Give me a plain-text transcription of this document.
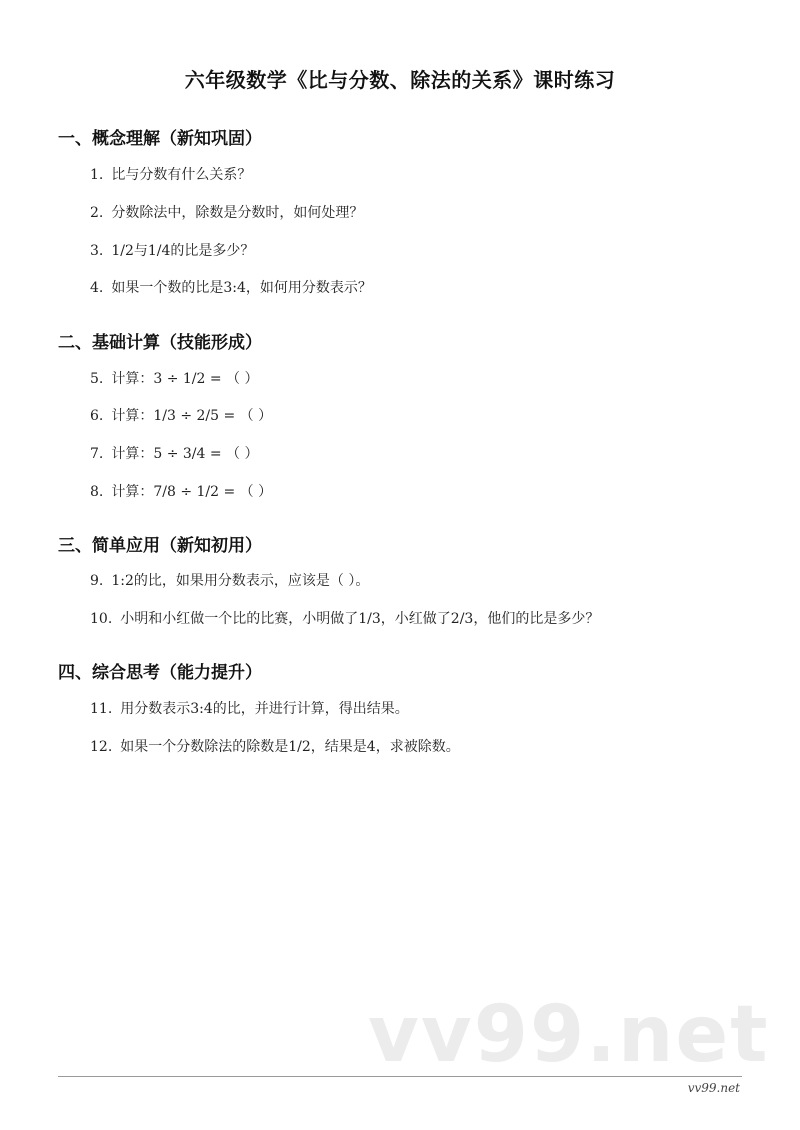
六年级数学《比与分数、除法的关系》课时练习
一、概念理解（新知巩固）
1. 比与分数有什么关系？
2. 分数除法中，除数是分数时，如何处理？
3. 1/2与1/4的比是多少？
4. 如果一个数的比是3:4，如何用分数表示？
二、基础计算（技能形成）
5. 计算：3 ÷ 1/2 = （ ）
6. 计算：1/3 ÷ 2/5 = （ ）
7. 计算：5 ÷ 3/4 = （ ）
8. 计算：7/8 ÷ 1/2 = （ ）
三、简单应用（新知初用）
9. 1:2的比，如果用分数表示，应该是（ ）。
10. 小明和小红做一个比的比赛，小明做了1/3，小红做了2/3，他们的比是多少？
四、综合思考（能力提升）
11. 用分数表示3:4的比，并进行计算，得出结果。
12. 如果一个分数除法的除数是1/2，结果是4，求被除数。
vv99.net
vv99.net
